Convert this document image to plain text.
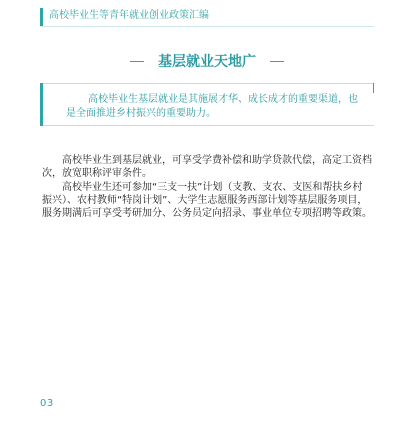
高校毕业生等青年就业创业政策汇编
基层就业天地广
高校毕业生基层就业是其施展才华、成长成才的重要渠道，也是全面推进乡村振兴的重要助力。
高校毕业生到基层就业，可享受学费补偿和助学贷款代偿，高定工资档次，放宽职称评审条件。
高校毕业生还可参加“三支一扶”计划（支教、支农、支医和帮扶乡村振兴）、农村教师“特岗计划”、大学生志愿服务西部计划等基层服务项目，服务期满后可享受考研加分、公务员定向招录、事业单位专项招聘等政策。
03
